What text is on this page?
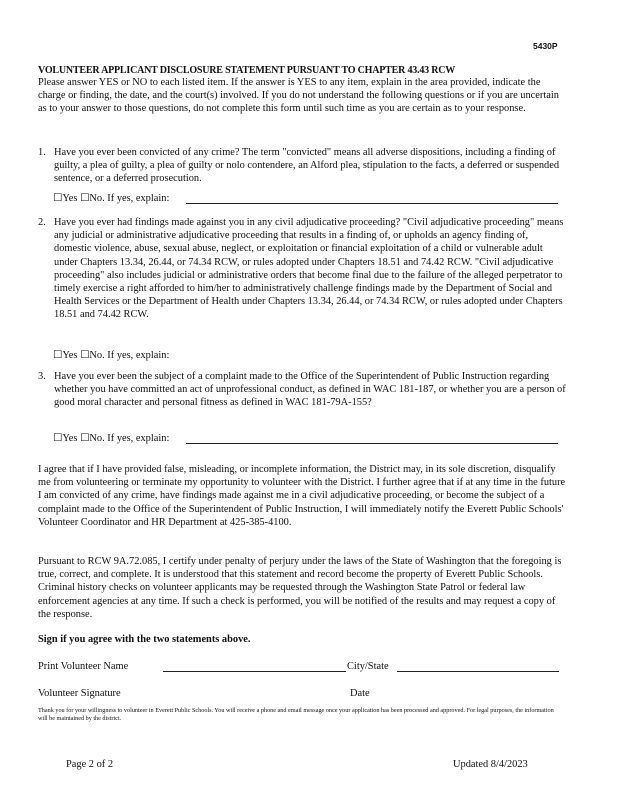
5430P
VOLUNTEER APPLICANT DISCLOSURE STATEMENT PURSUANT TO CHAPTER 43.43 RCW
Please answer YES or NO to each listed item. If the answer is YES to any item, explain in the area provided, indicate the charge or finding, the date, and the court(s) involved. If you do not understand the following questions or if you are uncertain as to your answer to those questions, do not complete this form until such time as you are certain as to your response.
1. Have you ever been convicted of any crime? The term "convicted" means all adverse dispositions, including a finding of guilty, a plea of guilty, a plea of guilty or nolo contendere, an Alford plea, stipulation to the facts, a deferred or suspended sentence, or a deferred prosecution.
☐Yes ☐No. If yes, explain:
2. Have you ever had findings made against you in any civil adjudicative proceeding? "Civil adjudicative proceeding" means any judicial or administrative adjudicative proceeding that results in a finding of, or upholds an agency finding of, domestic violence, abuse, sexual abuse, neglect, or exploitation or financial exploitation of a child or vulnerable adult under Chapters 13.34, 26.44, or 74.34 RCW, or rules adopted under Chapters 18.51 and 74.42 RCW. "Civil adjudicative proceeding" also includes judicial or administrative orders that become final due to the failure of the alleged perpetrator to timely exercise a right afforded to him/her to administratively challenge findings made by the Department of Social and Health Services or the Department of Health under Chapters 13.34, 26.44, or 74.34 RCW, or rules adopted under Chapters 18.51 and 74.42 RCW.
☐Yes ☐No. If yes, explain:
3. Have you ever been the subject of a complaint made to the Office of the Superintendent of Public Instruction regarding whether you have committed an act of unprofessional conduct, as defined in WAC 181-187, or whether you are a person of good moral character and personal fitness as defined in WAC 181-79A-155?
☐Yes ☐No. If yes, explain:
I agree that if I have provided false, misleading, or incomplete information, the District may, in its sole discretion, disqualify me from volunteering or terminate my opportunity to volunteer with the District. I further agree that if at any time in the future I am convicted of any crime, have findings made against me in a civil adjudicative proceeding, or become the subject of a complaint made to the Office of the Superintendent of Public Instruction, I will immediately notify the Everett Public Schools' Volunteer Coordinator and HR Department at 425-385-4100.
Pursuant to RCW 9A.72.085, I certify under penalty of perjury under the laws of the State of Washington that the foregoing is true, correct, and complete. It is understood that this statement and record become the property of Everett Public Schools. Criminal history checks on volunteer applicants may be requested through the Washington State Patrol or federal law enforcement agencies at any time. If such a check is performed, you will be notified of the results and may request a copy of the response.
Sign if you agree with the two statements above.
Print Volunteer Name	City/State
Volunteer Signature	Date
Thank you for your willingness to volunteer in Everett Public Schools. You will receive a phone and email message once your application has been processed and approved. For legal purposes, the information will be maintained by the district.
Page 2 of 2	Updated 8/4/2023
